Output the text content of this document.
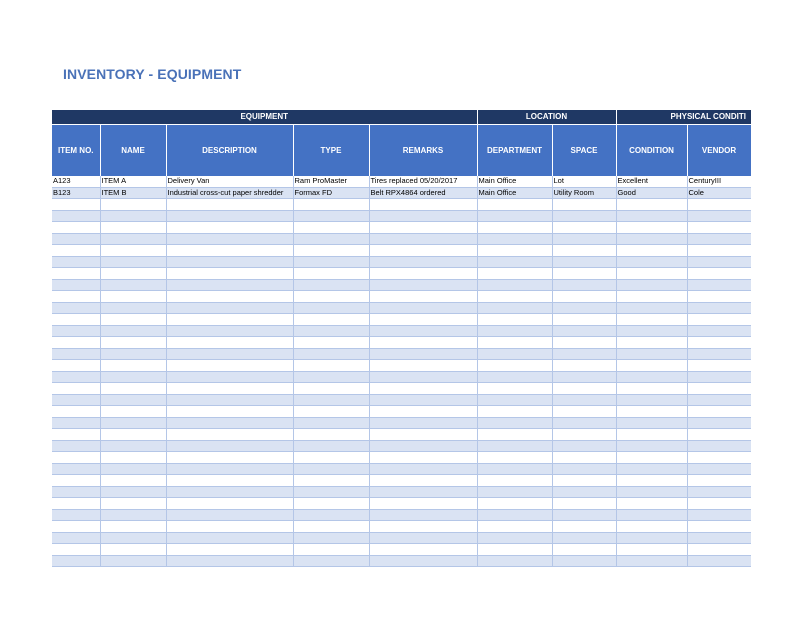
INVENTORY - EQUIPMENT
EQUIPMENT					LOCATION		PHYSICAL CONDITI		
ITEM NO.	NAME	DESCRIPTION	TYPE	REMARKS	DEPARTMENT	SPACE	CONDITION	VENDOR	
A123	ITEM A	Delivery Van	Ram ProMaster	Tires replaced 05/20/2017	Main Office	Lot	Excellent	CenturyIII	
B123	ITEM B	Industrial cross-cut paper shredder	Formax FD	Belt RPX4864 ordered	Main Office	Utility Room	Good	Cole	
